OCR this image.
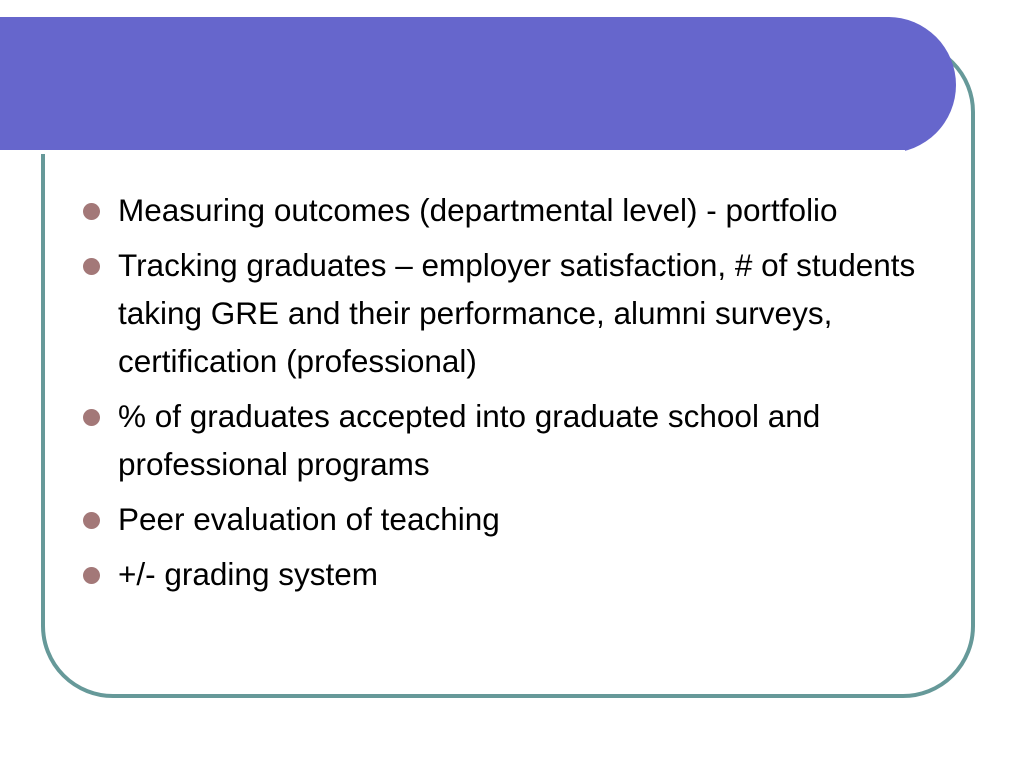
Measuring outcomes (departmental level) - portfolio
Tracking graduates – employer satisfaction, # of students taking GRE and their performance, alumni surveys, certification (professional)
% of graduates accepted into graduate school and professional programs
Peer evaluation of teaching
+/- grading system
